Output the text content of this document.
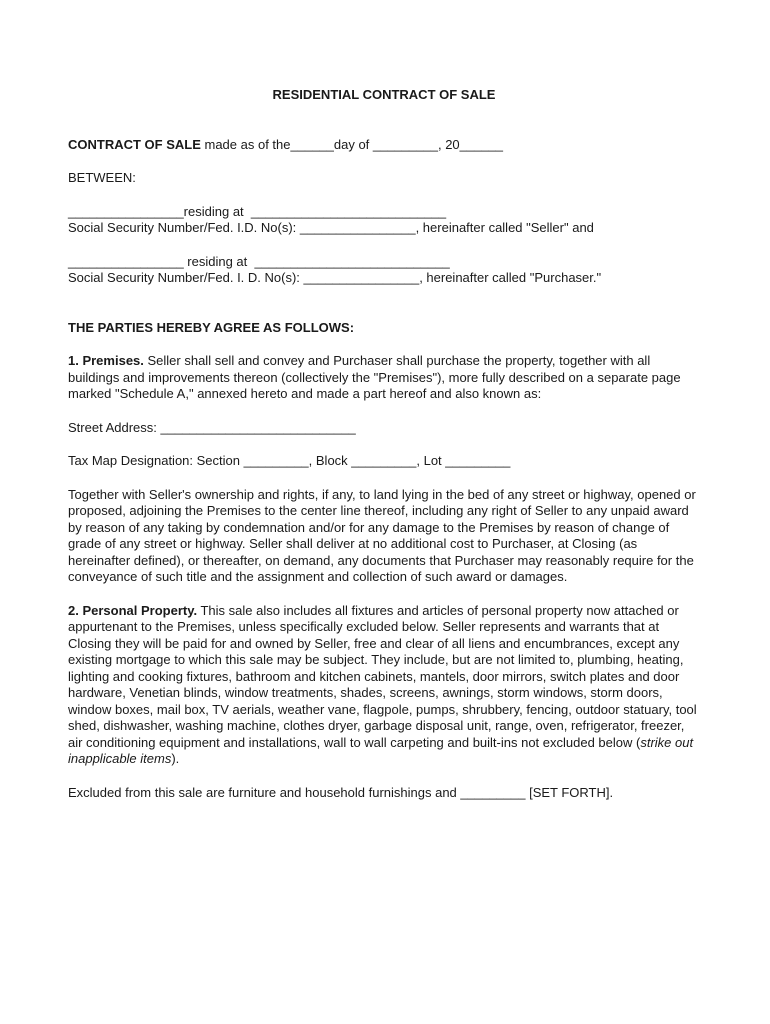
RESIDENTIAL CONTRACT OF SALE

CONTRACT OF SALE made as of the______day of _________, 20______

BETWEEN:

________________residing at  ___________________________

Social Security Number/Fed. I.D. No(s): ________________, hereinafter called "Seller" and

________________ residing at  ___________________________

Social Security Number/Fed. I. D. No(s): ________________, hereinafter called "Purchaser."

THE PARTIES HEREBY AGREE AS FOLLOWS:

1. Premises. Seller shall sell and convey and Purchaser shall purchase the property, together with all buildings and improvements thereon (collectively the "Premises"), more fully described on a separate page marked "Schedule A," annexed hereto and made a part hereof and also known as:

Street Address: ___________________________

Tax Map Designation: Section _________, Block _________, Lot _________

Together with Seller's ownership and rights, if any, to land lying in the bed of any street or highway, opened or proposed, adjoining the Premises to the center line thereof, including any right of Seller to any unpaid award by reason of any taking by condemnation and/or for any damage to the Premises by reason of change of grade of any street or highway. Seller shall deliver at no additional cost to Purchaser, at Closing (as hereinafter defined), or thereafter, on demand, any documents that Purchaser may reasonably require for the conveyance of such title and the assignment and collection of such award or damages.

2. Personal Property. This sale also includes all fixtures and articles of personal property now attached or appurtenant to the Premises, unless specifically excluded below. Seller represents and warrants that at Closing they will be paid for and owned by Seller, free and clear of all liens and encumbrances, except any existing mortgage to which this sale may be subject. They include, but are not limited to, plumbing, heating, lighting and cooking fixtures, bathroom and kitchen cabinets, mantels, door mirrors, switch plates and door hardware, Venetian blinds, window treatments, shades, screens, awnings, storm windows, storm doors, window boxes, mail box, TV aerials, weather vane, flagpole, pumps, shrubbery, fencing, outdoor statuary, tool shed, dishwasher, washing machine, clothes dryer, garbage disposal unit, range, oven, refrigerator, freezer, air conditioning equipment and installations, wall to wall carpeting and built-ins not excluded below (strike out inapplicable items).

Excluded from this sale are furniture and household furnishings and _________ [SET FORTH].
